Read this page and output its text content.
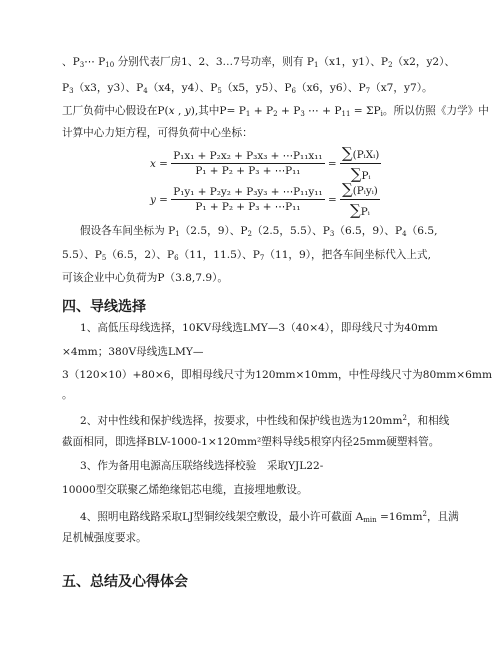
、$P_3\cdots$ $P_{10}$ 分别代表厂房1、2、3…7号功率，则有 $P_1(x1$，y1）、$P_2(x2$，y2）、
$P_3(x3$，y3）、$P_4(x4$，y4）、$P_5(x5$，y5）、$P_6(x6$，y6）、$P_7(x7$，y7）。
工厂负荷中心假设在P(x , y),其中$P= P_1 + P_2 + P_3$ ⋯ + $P_{11} = \Sigma P_i$。所以仿照《力学》中
计算中心力矩方程，可得负荷中心坐标：
x =
$\frac{\text{P₁x₁ + P₂x₂ + P₃x₃ + ⋯P₁₁x₁₁}}{\text{P₁ + P₂ + P₃ + ⋯P₁₁}}$
=
$\frac{\text{∑(PᵢXᵢ)}}{\text{∑Pᵢ}}$
y =
$\frac{\text{P₁y₁ + P₂y₂ + P₃y₃ + ⋯P₁₁y₁₁}}{\text{P₁ + P₂ + P₃ + ⋯P₁₁}}$
=
$\frac{\text{∑(Pᵢyᵢ)}}{\text{∑Pᵢ}}$
假设各车间坐标为 $P_1(2.5$，9）、$P_2(2.5$，5.5）、$P_3(6.5$，9）、$P_4(6.5$,
5.5）、$P_5(6.5$，2）、$P_6(11$，11.5）、$P_7(11$，9），把各车间坐标代入上式,
可该企业中心负荷为P（3.8,7.9）。
四、导线选择
1、高低压母线选择，10KV母线选LMY—3（40×4），即母线尺寸为40mm
×4mm；380V母线选LMY—
3（120×10）+80×6，即相母线尺寸为120mm×10mm，中性母线尺寸为80mm×6mm
。
2、对中性线和保护线选择，按要求，中性线和保护线也选为$120mm^2$，和相线
截面相同，即选择BLV-1000-1×120mm²塑料导线5根穿内径25mm硬塑料管。
3、作为备用电源高压联络线选择校验　采取YJL22-
10000型交联聚乙烯绝缘铝芯电缆，直接埋地敷设。
4、照明电路线路采取LJ型铜绞线架空敷设，最小许可截面 $A_{min} =16mm^2$，且满
足机械强度要求。
五、总结及心得体会
